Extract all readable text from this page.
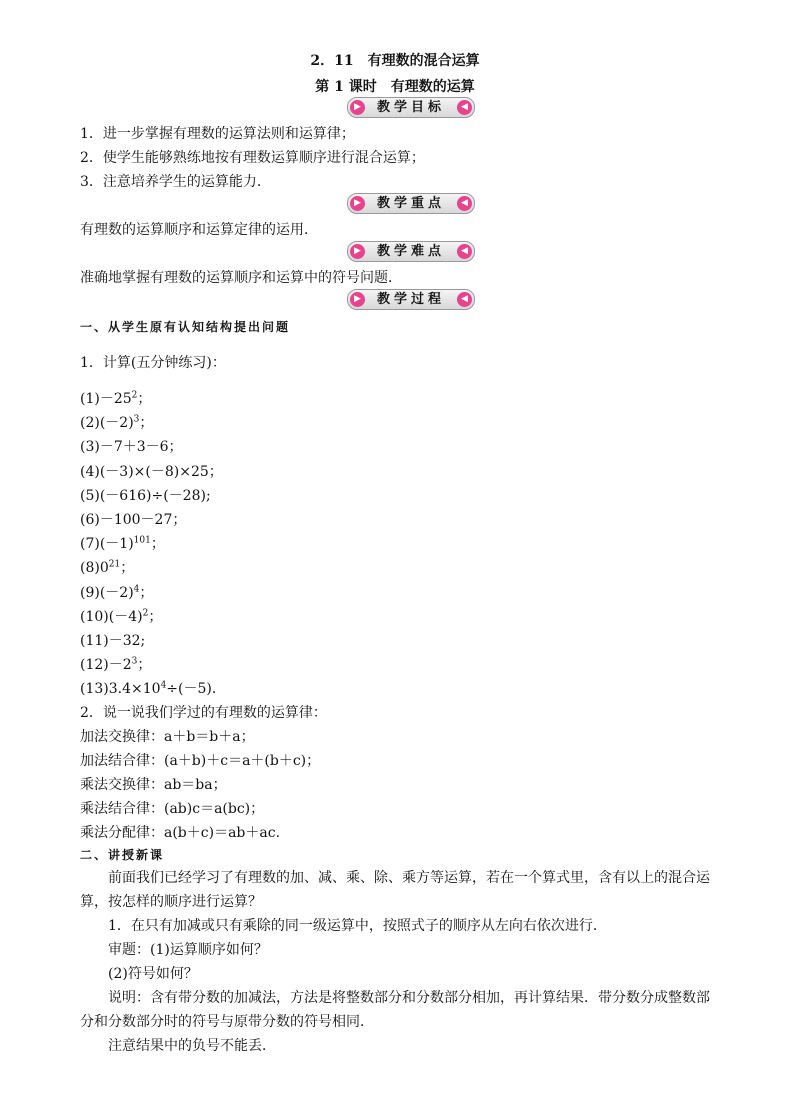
2．11　有理数的混合运算
第 1 课时　有理数的运算
▶	教学目标	◀
1．进一步掌握有理数的运算法则和运算律；
2．使学生能够熟练地按有理数运算顺序进行混合运算；
3．注意培养学生的运算能力．
▶	教学重点	◀
有理数的运算顺序和运算定律的运用．
▶	教学难点	◀
准确地掌握有理数的运算顺序和运算中的符号问题．
▶	教学过程	◀
一、从学生原有认知结构提出问题
1．计算(五分钟练习)：
$(1)-25^2$；
$(2)(-2)^3$；
(3)－7＋3－6；
(4)(－3)×(－8)×25；
(5)(－616)÷(－28);
(6)－100－27；
$(7)(-1)^{101}$；
$(8)0^{21}$；
$(9)(-2)^4$；
$(10)(-4)^2$；
(11)－32;
$(12)-2^3$；
$(13)3.4\times 10^4\div(-5)$．
2．说一说我们学过的有理数的运算律：
加法交换律：a＋b＝b＋a；
加法结合律：(a＋b)＋c＝a＋(b＋c)；
乘法交换律：ab＝ba；
乘法结合律：(ab)c＝a(bc)；
乘法分配律：a(b＋c)＝ab＋ac.
二、讲授新课
前面我们已经学习了有理数的加、减、乘、除、乘方等运算，若在一个算式里，含有以上的混合运算，按怎样的顺序进行运算？
1．在只有加减或只有乘除的同一级运算中，按照式子的顺序从左向右依次进行．
审题：(1)运算顺序如何？
(2)符号如何？
说明：含有带分数的加减法，方法是将整数部分和分数部分相加，再计算结果．带分数分成整数部分和分数部分时的符号与原带分数的符号相同．
注意结果中的负号不能丢．
